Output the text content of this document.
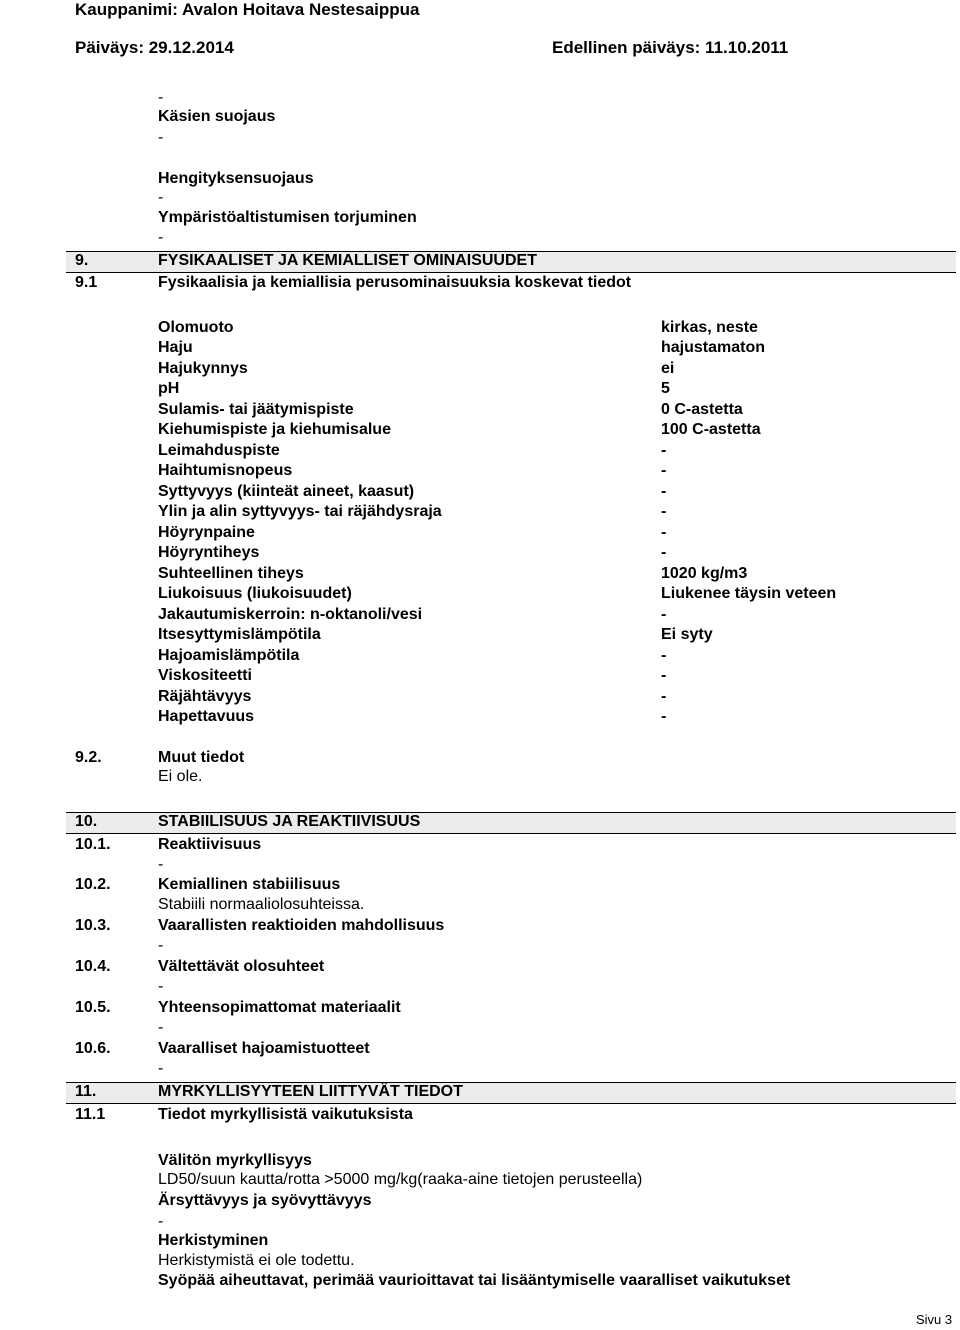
Kauppanimi: Avalon Hoitava Nestesaippua
Päiväys: 29.12.2014	Edellinen päiväys: 11.10.2011
-
Käsien suojaus
-
Hengityksensuojaus
-
Ympäristöaltistumisen torjuminen
-
9.	FYSIKAALISET JA KEMIALLISET OMINAISUUDET
9.1	Fysikaalisia ja kemiallisia perusominaisuuksia koskevat tiedot
Olomuoto	kirkas, neste
Haju	hajustamaton
Hajukynnys	ei
pH	5
Sulamis- tai jäätymispiste	0 C-astetta
Kiehumispiste ja kiehumisalue	100 C-astetta
Leimahduspiste	-
Haihtumisnopeus	-
Syttyvyys (kiinteät aineet, kaasut)	-
Ylin ja alin syttyvyys- tai räjähdysraja	-
Höyrynpaine	-
Höyryntiheys	-
Suhteellinen tiheys	1020 kg/m3
Liukoisuus (liukoisuudet)	Liukenee täysin veteen
Jakautumiskerroin: n-oktanoli/vesi	-
Itsesyttymislämpötila	Ei syty
Hajoamislämpötila	-
Viskositeetti	-
Räjähtävyys	-
Hapettavuus	-
9.2.	Muut tiedot
Ei ole.
10.	STABIILISUUS JA REAKTIIVISUUS
10.1.	Reaktiivisuus
-
10.2.	Kemiallinen stabiilisuus
Stabiili normaaliolosuhteissa.
10.3.	Vaarallisten reaktioiden mahdollisuus
-
10.4.	Vältettävät olosuhteet
-
10.5.	Yhteensopimattomat materiaalit
-
10.6.	Vaaralliset hajoamistuotteet
-
11.	MYRKYLLISYYTEEN LIITTYVÄT TIEDOT
11.1	Tiedot myrkyllisistä vaikutuksista
Välitön myrkyllisyys
LD50/suun kautta/rotta >5000 mg/kg(raaka-aine tietojen perusteella)
Ärsyttävyys ja syövyttävyys
-
Herkistyminen
Herkistymistä ei ole todettu.
Syöpää aiheuttavat, perimää vaurioittavat tai lisääntymiselle vaaralliset vaikutukset
Sivu 3
